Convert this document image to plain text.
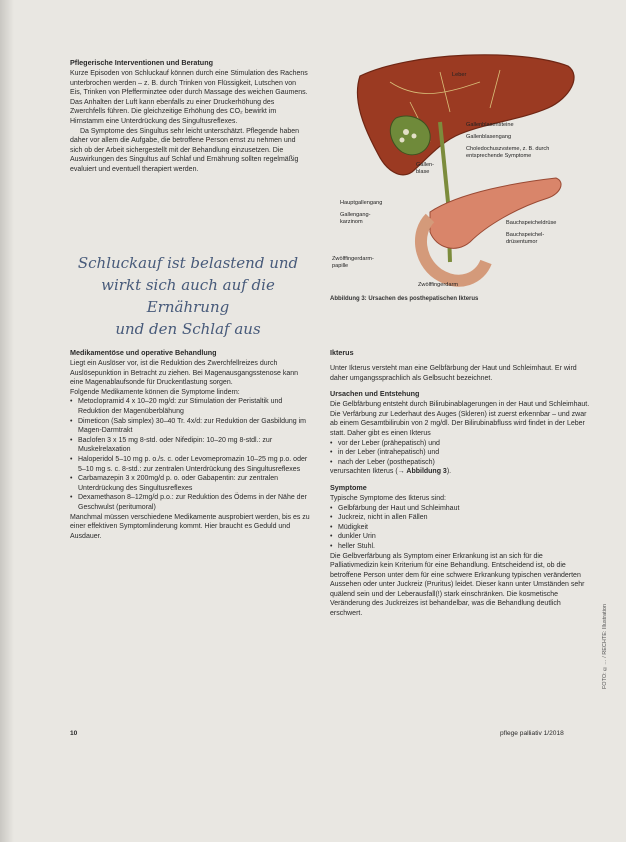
Pflegerische Interventionen und Beratung

Kurze Episoden von Schluckauf können durch eine Stimulation des Rachens unterbrochen werden – z. B. durch Trinken von Flüssigkeit, Lutschen von Eis, Trinken von Pfefferminztee oder durch Massage des weichen Gaumens. Das Anhalten der Luft kann ebenfalls zu einer Druckerhöhung des Zwerchfells führen. Die gleichzeitige Erhöhung des CO₂ bewirkt im Hirnstamm eine Unterdrückung des Singultusreflexes.

Da Symptome des Singultus sehr leicht unterschätzt. Pflegende haben daher vor allem die Aufgabe, die betroffene Person ernst zu nehmen und sich ob der Arbeit sichergestellt mit der Behandlung einzusetzen. Die Auswirkungen des Singultus auf Schlaf und Ernährung sollten regelmäßig evaluiert und eventuell therapiert werden.

Schluckauf ist belastend und
wirkt sich auch auf die Ernährung
und den Schlaf aus
Leber
Gallenblasensteine
Gallenblasengang
Choledochuszvsteme, z. B. durch entsprechende Symptome
Gallen-
blase
Hauptgallengang
Gallengang-
karzinom	Bauchspeicheldrüse
Bauchspeichel-
drüsentumor
Zwölffingerdarm-
papille
Zwölffingerdarm
Abbildung 3: Ursachen des posthepatischen Ikterus
Medikamentöse und operative Behandlung

Liegt ein Auslöser vor, ist die Reduktion des Zwerchfellreizes durch Auslösepunktion in Betracht zu ziehen. Bei Magenausgangsstenose kann eine Magenablaufsonde für Druckentlastung sorgen.

Folgende Medikamente können die Symptome lindern:

• Metoclopramid 4 x 10–20 mg/d: zur Stimulation der Peristaltik und Reduktion der Magenüberblähung
• Dimeticon (Sab simplex) 30–40 Tr. 4x/d: zur Reduktion der Gasbildung im Magen-Darmtrakt
• Baclofen 3 x 15 mg 8-std. oder Nifedipin: 10–20 mg 8-stdl.: zur Muskelrelaxation
• Haloperidol 5–10 mg p. o./s. c. oder Levomepromazin 10–25 mg p.o. oder 5–10 mg s. c. 8-std.: zur zentralen Unterdrückung des Singultusreflexes
• Carbamazepin 3 x 200mg/d p. o. oder Gabapentin: zur zentralen Unterdrückung des Singultusreflexes
• Dexamethason 8–12mg/d p.o.: zur Reduktion des Ödems in der Nähe der Geschwulst (peritumoral)

Manchmal müssen verschiedene Medikamente ausprobiert werden, bis es zu einer effektiven Symptomlinderung kommt. Hier braucht es Geduld und Ausdauer.

Ikterus

Unter Ikterus versteht man eine Gelbfärbung der Haut und Schleimhaut. Er wird daher umgangssprachlich als Gelbsucht bezeichnet.

Ursachen und Entstehung

Die Gelbfärbung entsteht durch Bilirubinablagerungen in der Haut und Schleimhaut. Die Verfärbung zur Lederhaut des Auges (Skleren) ist zuerst erkennbar – und zwar ab einem Gesamtbilirubin von 2 mg/dl. Der Bilirubinabfluss wird findet in der Leber statt. Daher gibt es einen Ikterus

• vor der Leber (prähepatisch) und
• in der Leber (intrahepatisch) und
• nach der Leber (posthepatisch)

verursachten Ikterus (→ Abbildung 3).

Symptome

Typische Symptome des Ikterus sind:

• Gelbfärbung der Haut und Schleimhaut
• Juckreiz, nicht in allen Fällen
• Müdigkeit
• dunkler Urin
• heller Stuhl.

Die Gelbverfärbung als Symptom einer Erkrankung ist an sich für die Palliativmedizin kein Kriterium für eine Behandlung. Entscheidend ist, ob die betroffene Person unter dem für eine schwere Erkrankung typischen veränderten Aussehen oder unter Juckreiz (Pruritus) leidet. Dieser kann unter Umständen sehr quälend sein und der Leberausfall(!) stark einschränken. Die kosmetische Veränderung des Juckreizes ist behandelbar, was die Behandlung deutlich erschwert.	FOTO: ©… / RECHTE: Illustration
10	pflege palliativ 1/2018
